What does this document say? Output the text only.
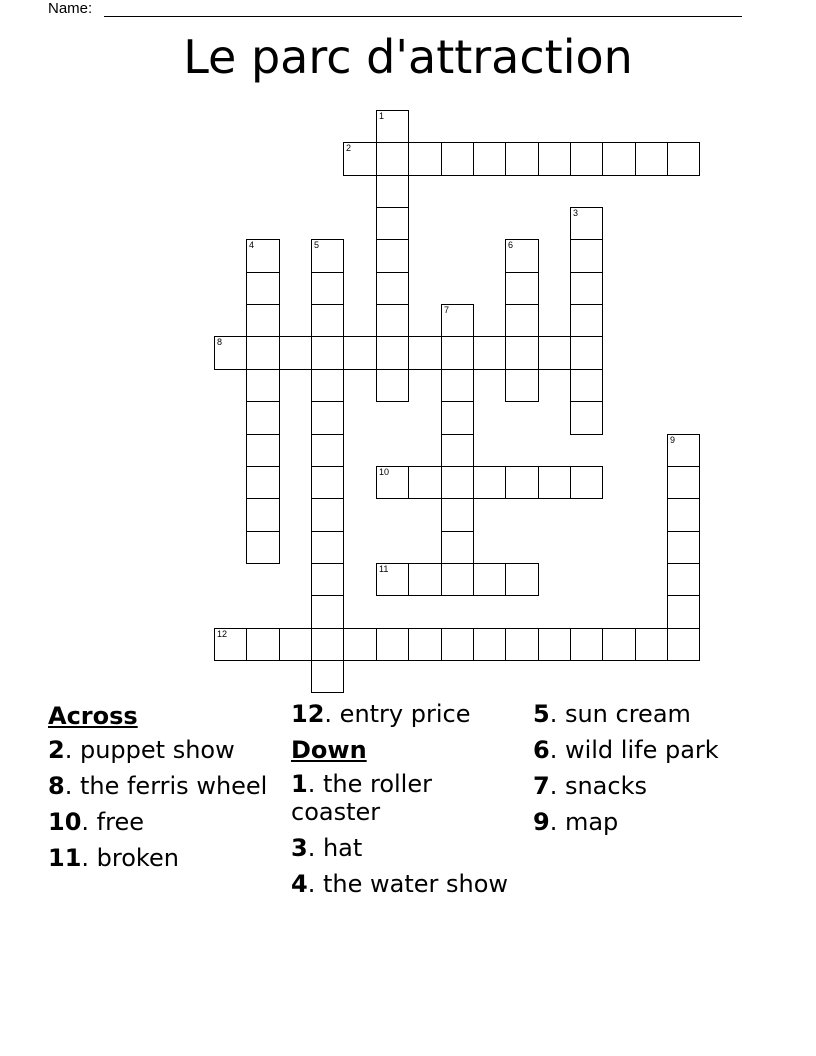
Name:
Le parc d'attraction
2
8
10
11
12
1
3
4	5	6
7
9
Across
2. puppet show
8. the ferris wheel
10. free
11. broken
12. entry price
Down
1. the roller coaster
3. hat
4. the water show
5. sun cream
6. wild life park
7. snacks
9. map
